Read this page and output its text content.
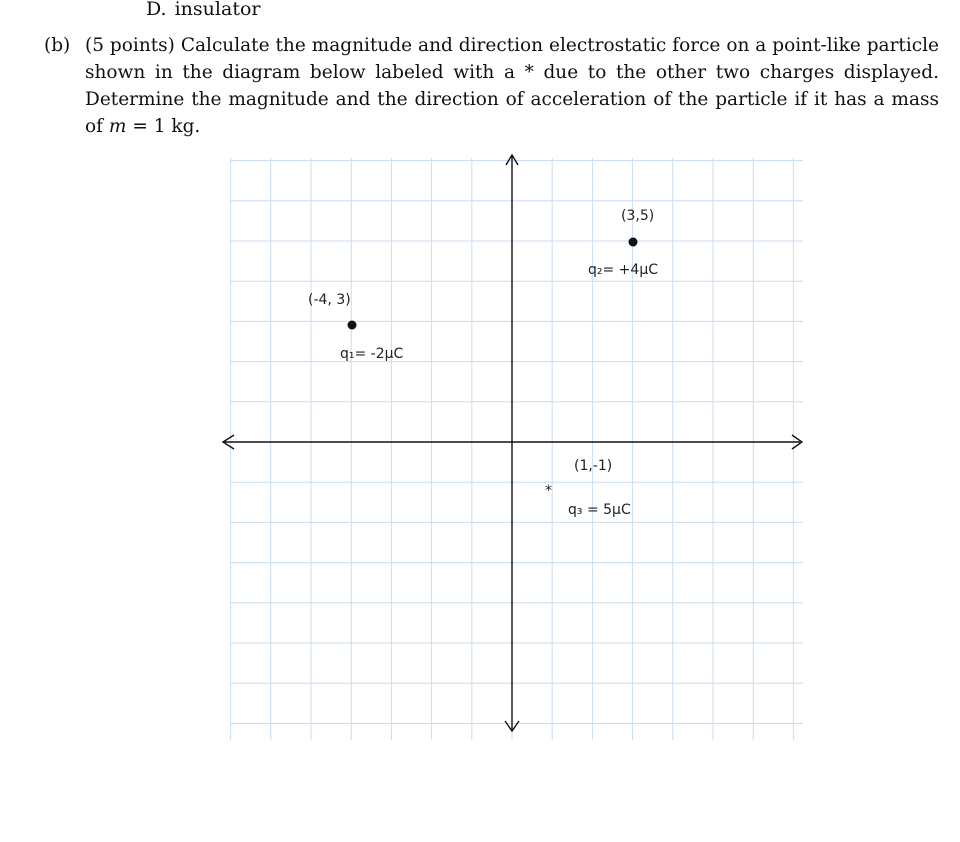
D. insulator
(b) (5 points) Calculate the magnitude and direction electrostatic force on a point-like particle shown in the diagram below labeled with a * due to the other two charges displayed. Determine the magnitude and the direction of acceleration of the particle if it has a mass of m = 1 kg.

(3,5)
q₂= +4µC
(-4, 3)
q₁= -2µC
(1,-1)
*
q₃ = 5µC
